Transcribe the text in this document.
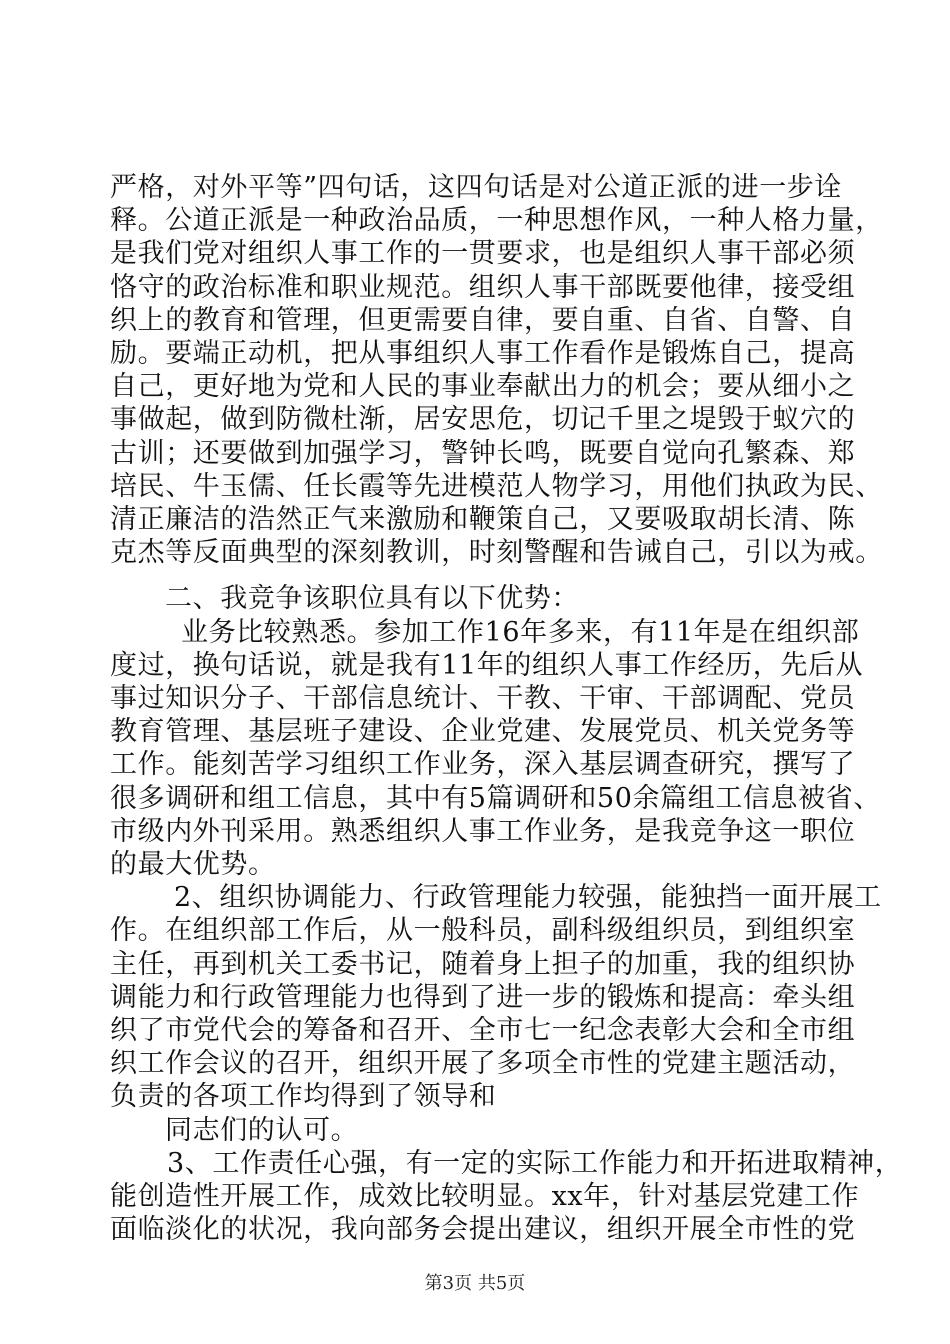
严格，对外平等”四句话，这四句话是对公道正派的进一步诠
释。公道正派是一种政治品质，一种思想作风，一种人格力量，
是我们党对组织人事工作的一贯要求，也是组织人事干部必须
恪守的政治标准和职业规范。组织人事干部既要他律，接受组
织上的教育和管理，但更需要自律，要自重、自省、自警、自
励。要端正动机，把从事组织人事工作看作是锻炼自己，提高
自己，更好地为党和人民的事业奉献出力的机会；要从细小之
事做起，做到防微杜渐，居安思危，切记千里之堤毁于蚁穴的
古训；还要做到加强学习，警钟长鸣，既要自觉向孔繁森、郑
培民、牛玉儒、任长霞等先进模范人物学习，用他们执政为民、
清正廉洁的浩然正气来激励和鞭策自己，又要吸取胡长清、陈
克杰等反面典型的深刻教训，时刻警醒和告诫自己，引以为戒。
二、我竞争该职位具有以下优势：
业务比较熟悉。参加工作16年多来，有11年是在组织部
度过，换句话说，就是我有11年的组织人事工作经历，先后从
事过知识分子、干部信息统计、干教、干审、干部调配、党员
教育管理、基层班子建设、企业党建、发展党员、机关党务等
工作。能刻苦学习组织工作业务，深入基层调查研究，撰写了
很多调研和组工信息，其中有5篇调研和50余篇组工信息被省、
市级内外刊采用。熟悉组织人事工作业务，是我竞争这一职位
的最大优势。
2、组织协调能力、行政管理能力较强，能独挡一面开展工
作。在组织部工作后，从一般科员，副科级组织员，到组织室
主任，再到机关工委书记，随着身上担子的加重，我的组织协
调能力和行政管理能力也得到了进一步的锻炼和提高：牵头组
织了市党代会的筹备和召开、全市七一纪念表彰大会和全市组
织工作会议的召开，组织开展了多项全市性的党建主题活动，
负责的各项工作均得到了领导和
同志们的认可。
3、工作责任心强，有一定的实际工作能力和开拓进取精神，
能创造性开展工作，成效比较明显。xx年，针对基层党建工作
面临淡化的状况，我向部务会提出建议，组织开展全市性的党
第3页 共5页
